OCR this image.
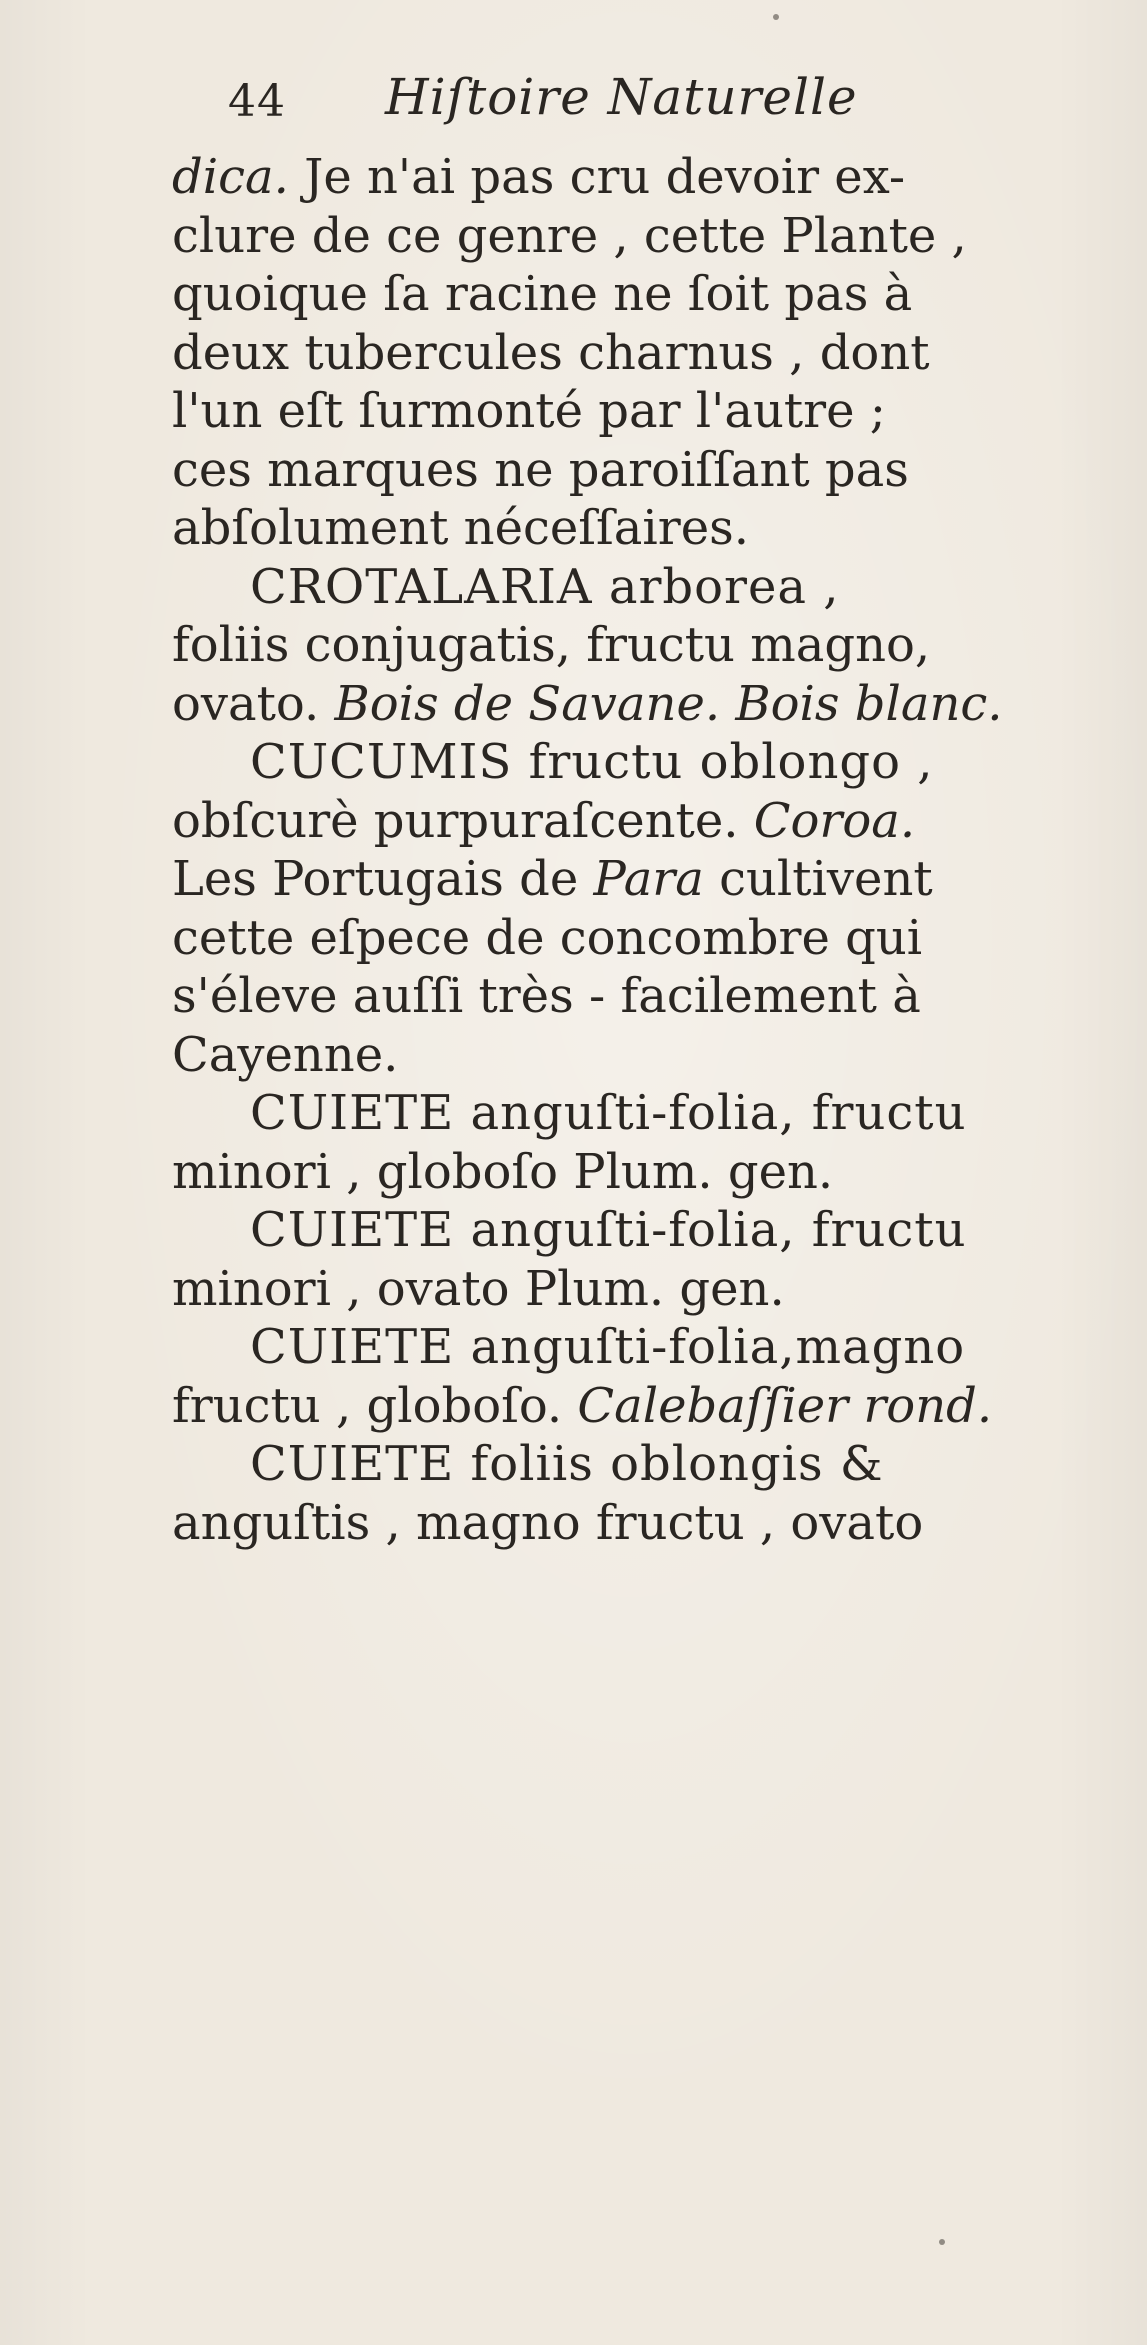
44 Hiſtoire Naturelle
dica. Je n'ai pas cru devoir ex-
clure de ce genre , cette Plante ,
quoique ſa racine ne ſoit pas à
deux tubercules charnus , dont
l'un eſt ſurmonté par l'autre ;
ces marques ne paroiſſant pas
abſolument néceſſaires.
CROTALARIA arborea ,
foliis conjugatis, fructu magno,
ovato. Bois de Savane. Bois blanc.
CUCUMIS fructu oblongo ,
obſcurè purpuraſcente. Coroa.
Les Portugais de Para cultivent
cette eſpece de concombre qui
s'éleve auſſi très - facilement à
Cayenne.
CUIETE anguſti-folia, fructu
minori , globoſo Plum. gen.
CUIETE anguſti-folia, fructu
minori , ovato Plum. gen.
CUIETE anguſti-folia,magno
fructu , globoſo. Calebaſſier rond.
CUIETE foliis oblongis &
anguſtis , magno fructu , ovato
